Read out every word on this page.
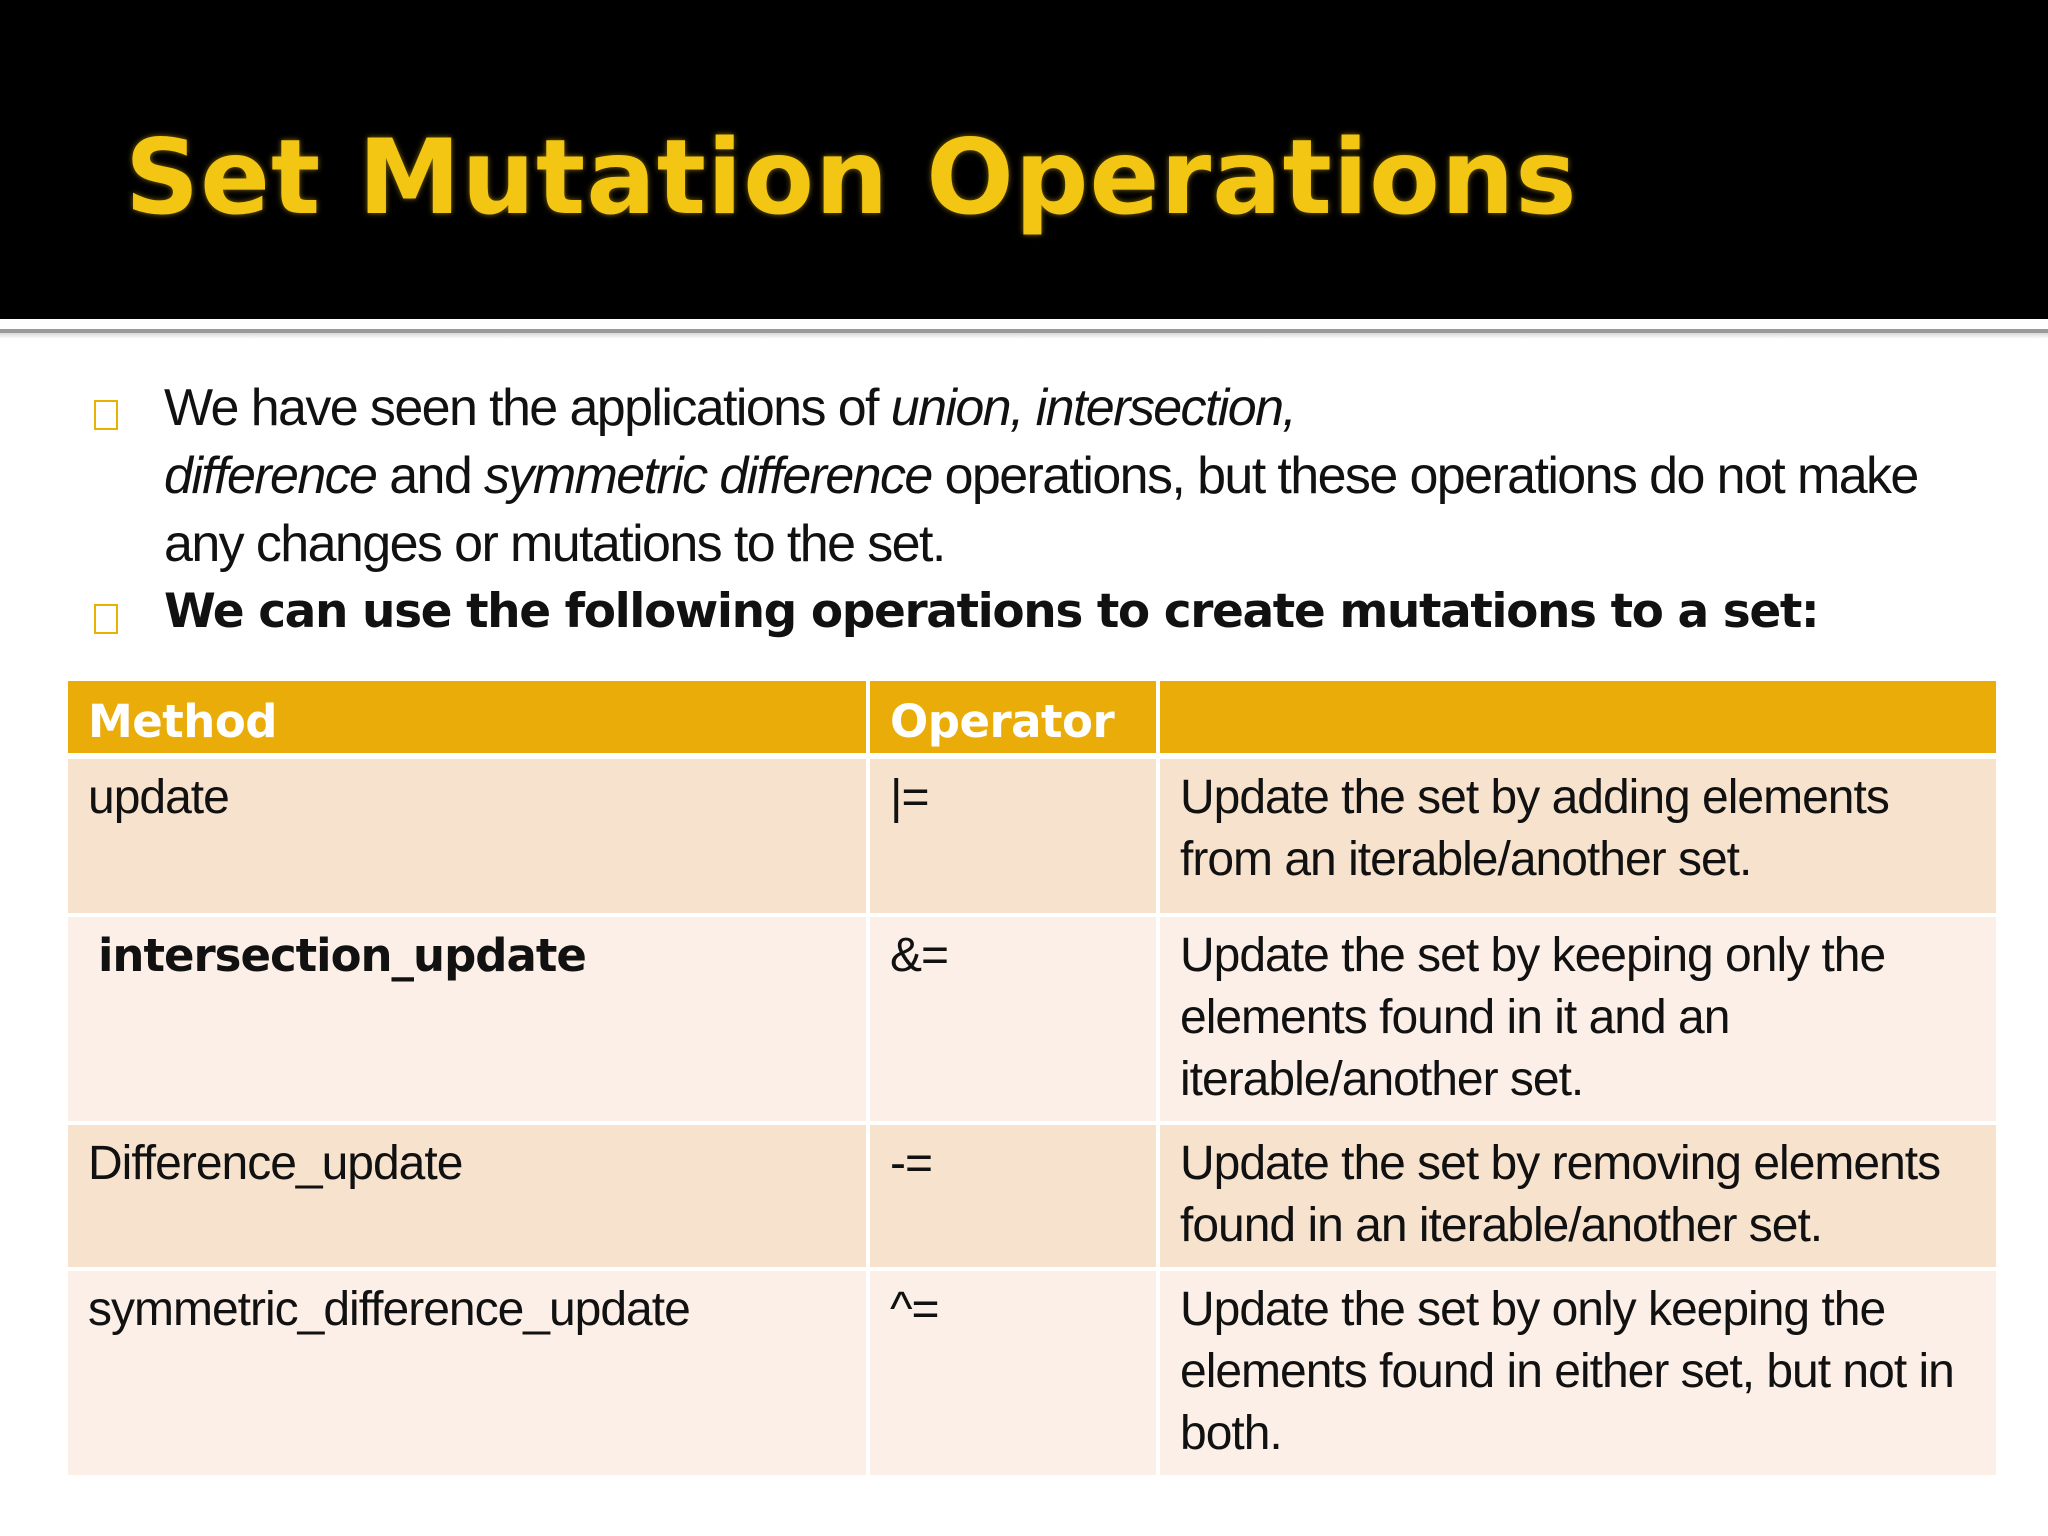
Set Mutation Operations
We have seen the applications of union, intersection,
difference and symmetric difference operations, but these operations do not make any changes or mutations to the set.
We can use the following operations to create mutations to a set:
Method	Operator	
update	|=	Update the set by adding elements from an iterable/another set.
intersection_update	&=	Update the set by keeping only the elements found in it and an iterable/another set.
Difference_update	-=	Update the set by removing elements found in an iterable/another set.
symmetric_difference_update	^=	Update the set by only keeping the elements found in either set, but not in both.
